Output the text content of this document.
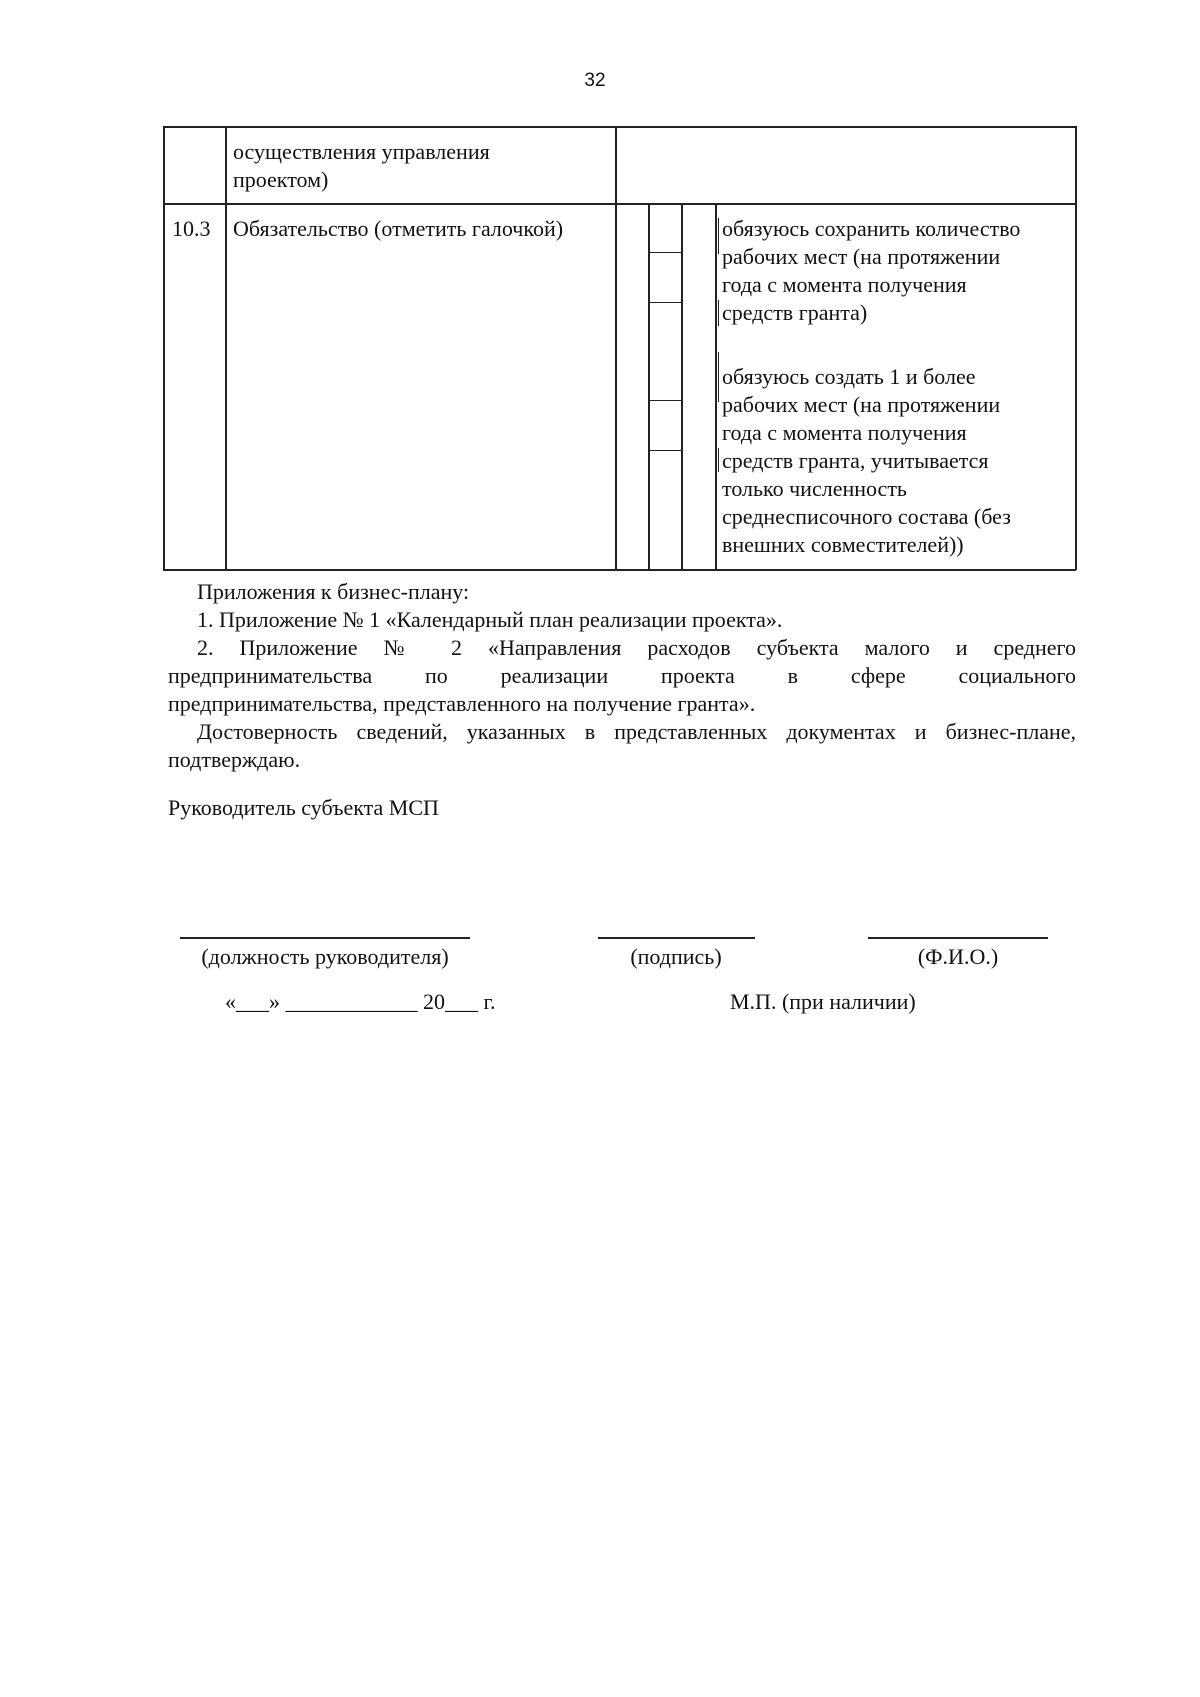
32
осуществления управления
проектом)
10.3 Обязательство (отметить галочкой)	обязуюсь сохранить количество
рабочих мест (на протяжении
года с момента получения
средств гранта)
обязуюсь создать 1 и более
рабочих мест (на протяжении
года с момента получения
средств гранта, учитывается
только численность
среднесписочного состава (без
внешних совместителей))
Приложения к бизнес-плану:
1. Приложение № 1 «Календарный план реализации проекта».
2. Приложение № 2 «Направления расходов субъекта малого и среднего
предпринимательства по реализации проекта в сфере социального
предпринимательства, представленного на получение гранта».
Достоверность сведений, указанных в представленных документах и бизнес-плане,
подтверждаю.
Руководитель субъекта МСП
(должность руководителя)	(подпись)	(Ф.И.О.)
«___» ____________ 20___ г.	М.П. (при наличии)
